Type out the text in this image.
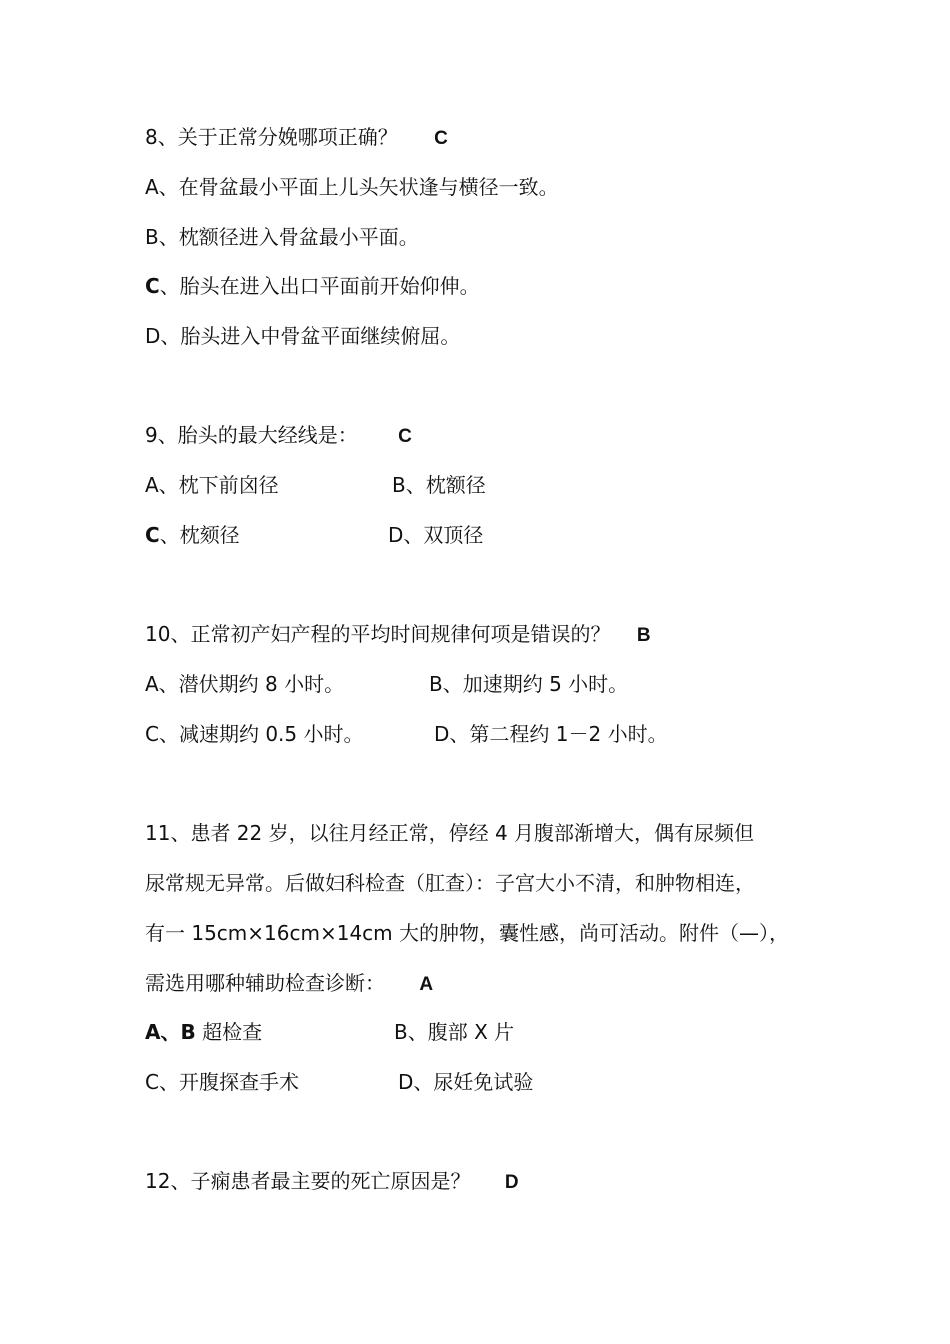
8、关于正常分娩哪项正确？ C
A、在骨盆最小平面上儿头矢状逢与横径一致。
B、枕额径进入骨盆最小平面。
C、胎头在进入出口平面前开始仰伸。
D、胎头进入中骨盆平面继续俯屈。
9、胎头的最大经线是： C
A、枕下前囟径	B、枕额径
C、枕颏径	D、双顶径
10、正常初产妇产程的平均时间规律何项是错误的？ B
A、潜伏期约 8 小时。	B、加速期约 5 小时。
C、减速期约 0.5 小时。	D、第二程约 1－2 小时。
11、患者 22 岁，以往月经正常，停经 4 月腹部渐增大，偶有尿频但
尿常规无异常。后做妇科检查（肛查）：子宫大小不清，和肿物相连，
有一 15cm×16cm×14cm 大的肿物，囊性感，尚可活动。附件（—），
需选用哪种辅助检查诊断： A
A、B 超检查	B、腹部 X 片
C、开腹探查手术	D、尿妊免试验
12、子痫患者最主要的死亡原因是？ D
